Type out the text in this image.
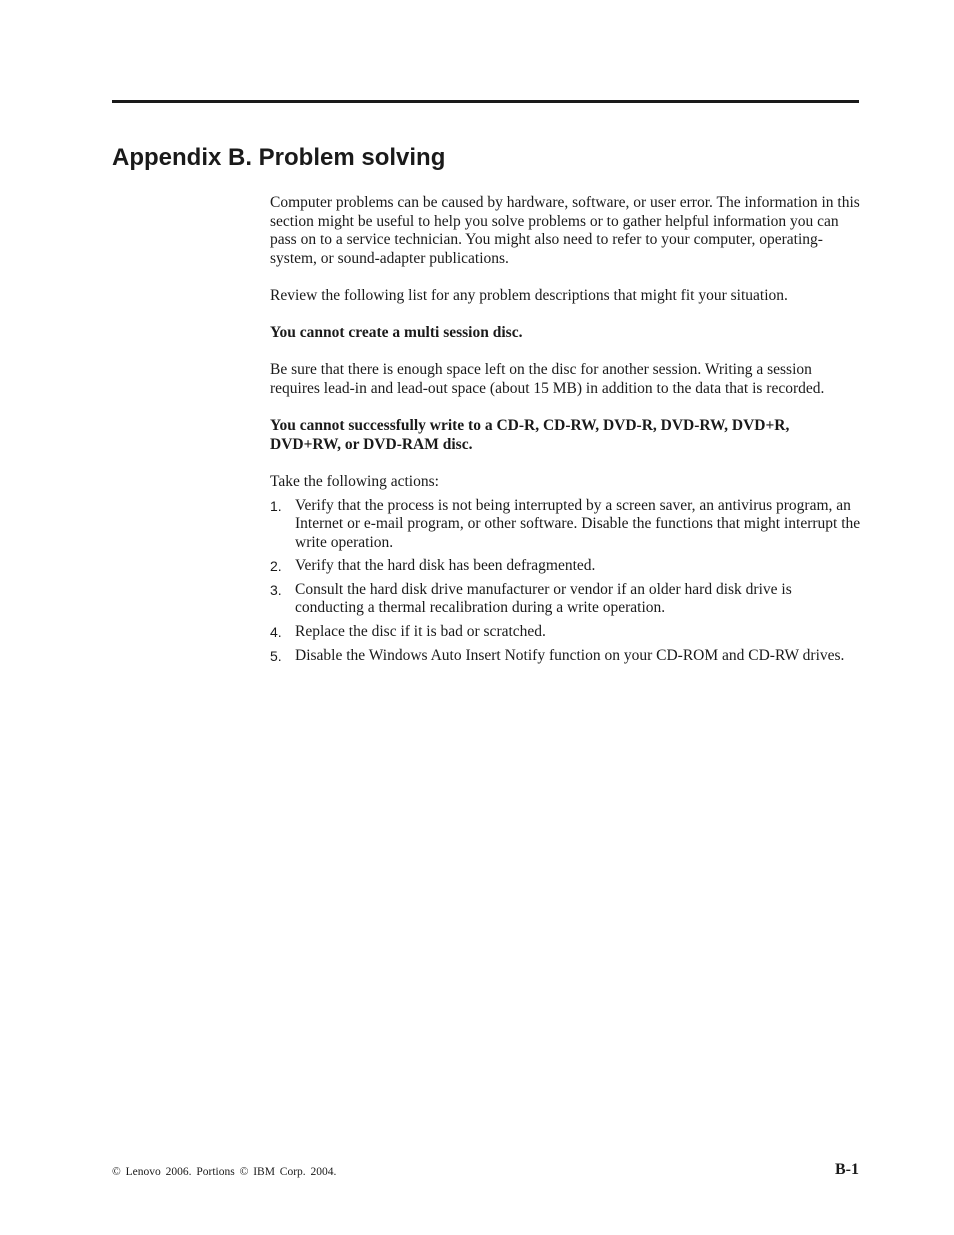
Appendix B. Problem solving

Computer problems can be caused by hardware, software, or user error. The information in this section might be useful to help you solve problems or to gather helpful information you can pass on to a service technician. You might also need to refer to your computer, operating-system, or sound-adapter publications.

Review the following list for any problem descriptions that might fit your situation.

You cannot create a multi session disc.

Be sure that there is enough space left on the disc for another session. Writing a session requires lead-in and lead-out space (about 15 MB) in addition to the data that is recorded.

You cannot successfully write to a CD-R, CD-RW, DVD-R, DVD-RW, DVD+R, DVD+RW, or DVD-RAM disc.

Take the following actions:

1. Verify that the process is not being interrupted by a screen saver, an antivirus program, an Internet or e-mail program, or other software. Disable the functions that might interrupt the write operation.
2. Verify that the hard disk has been defragmented.
3. Consult the hard disk drive manufacturer or vendor if an older hard disk drive is conducting a thermal recalibration during a write operation.
4. Replace the disc if it is bad or scratched.
5. Disable the Windows Auto Insert Notify function on your CD-ROM and CD-RW drives.
© Lenovo 2006. Portions © IBM Corp. 2004.	B-1
